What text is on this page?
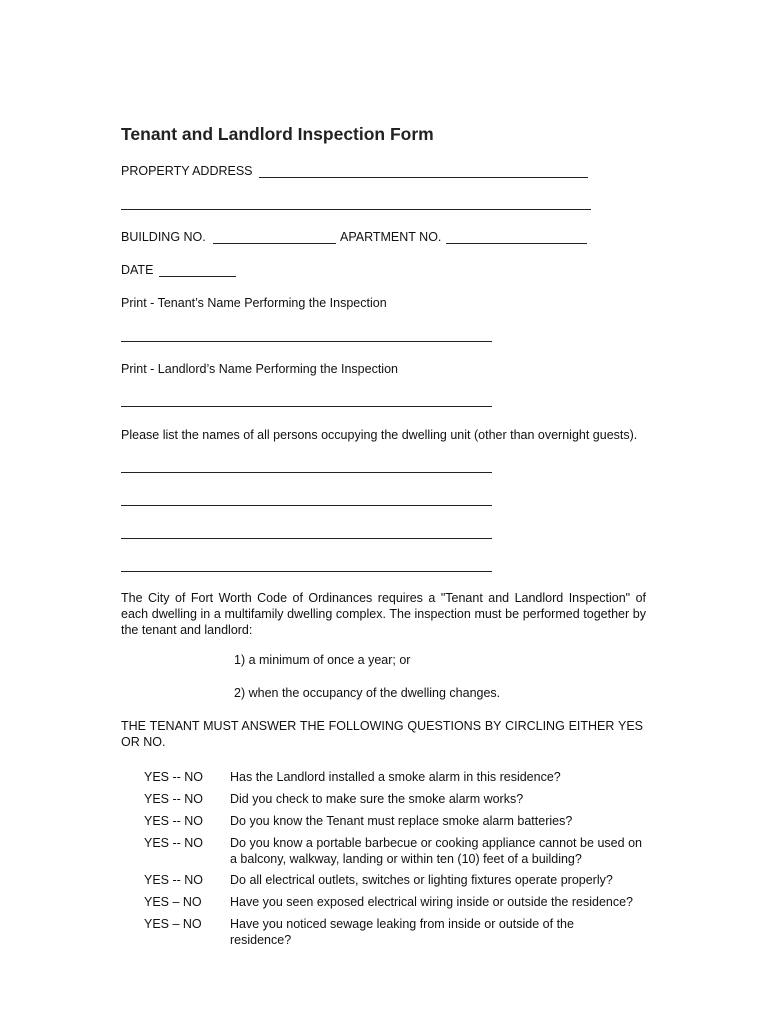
Tenant and Landlord Inspection Form
PROPERTY ADDRESS
BUILDING NO.	APARTMENT NO.
DATE
Print - Tenant’s Name Performing the Inspection
Print - Landlord’s Name Performing the Inspection
Please list the names of all persons occupying the dwelling unit (other than overnight guests).
The City of Fort Worth Code of Ordinances requires a "Tenant and Landlord Inspection" of each dwelling in a multifamily dwelling complex. The inspection must be performed together by the tenant and landlord:
1) a minimum of once a year; or
2) when the occupancy of the dwelling changes.
THE TENANT MUST ANSWER THE FOLLOWING QUESTIONS BY CIRCLING EITHER YES OR NO.
YES -- NO Has the Landlord installed a smoke alarm in this residence?
YES -- NO Did you check to make sure the smoke alarm works?
YES -- NO Do you know the Tenant must replace smoke alarm batteries?
YES -- NO Do you know a portable barbecue or cooking appliance cannot be used on a balcony, walkway, landing or within ten (10) feet of a building?
YES -- NO Do all electrical outlets, switches or lighting fixtures operate properly?
YES – NO Have you seen exposed electrical wiring inside or outside the residence?
YES – NO Have you noticed sewage leaking from inside or outside of the residence?
